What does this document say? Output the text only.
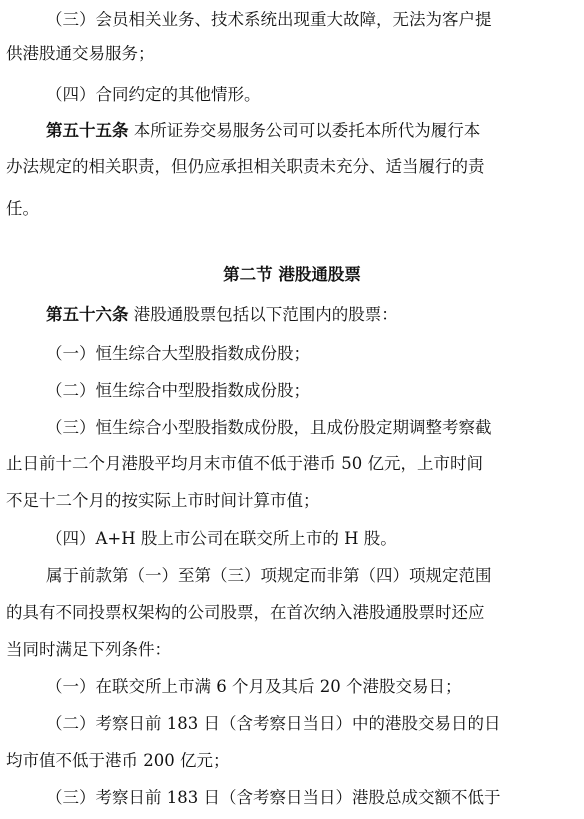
（三）会员相关业务、技术系统出现重大故障，无法为客户提
供港股通交易服务；
（四）合同约定的其他情形。
第五十五条 本所证券交易服务公司可以委托本所代为履行本
办法规定的相关职责，但仍应承担相关职责未充分、适当履行的责
任。
第二节 港股通股票
第五十六条 港股通股票包括以下范围内的股票：
（一）恒生综合大型股指数成份股；
（二）恒生综合中型股指数成份股；
（三）恒生综合小型股指数成份股，且成份股定期调整考察截
止日前十二个月港股平均月末市值不低于港币 50 亿元，上市时间
不足十二个月的按实际上市时间计算市值；
（四）A+H 股上市公司在联交所上市的 H 股。
属于前款第（一）至第（三）项规定而非第（四）项规定范围
的具有不同投票权架构的公司股票，在首次纳入港股通股票时还应
当同时满足下列条件：
（一）在联交所上市满 6 个月及其后 20 个港股交易日；
（二）考察日前 183 日（含考察日当日）中的港股交易日的日
均市值不低于港币 200 亿元；
（三）考察日前 183 日（含考察日当日）港股总成交额不低于
